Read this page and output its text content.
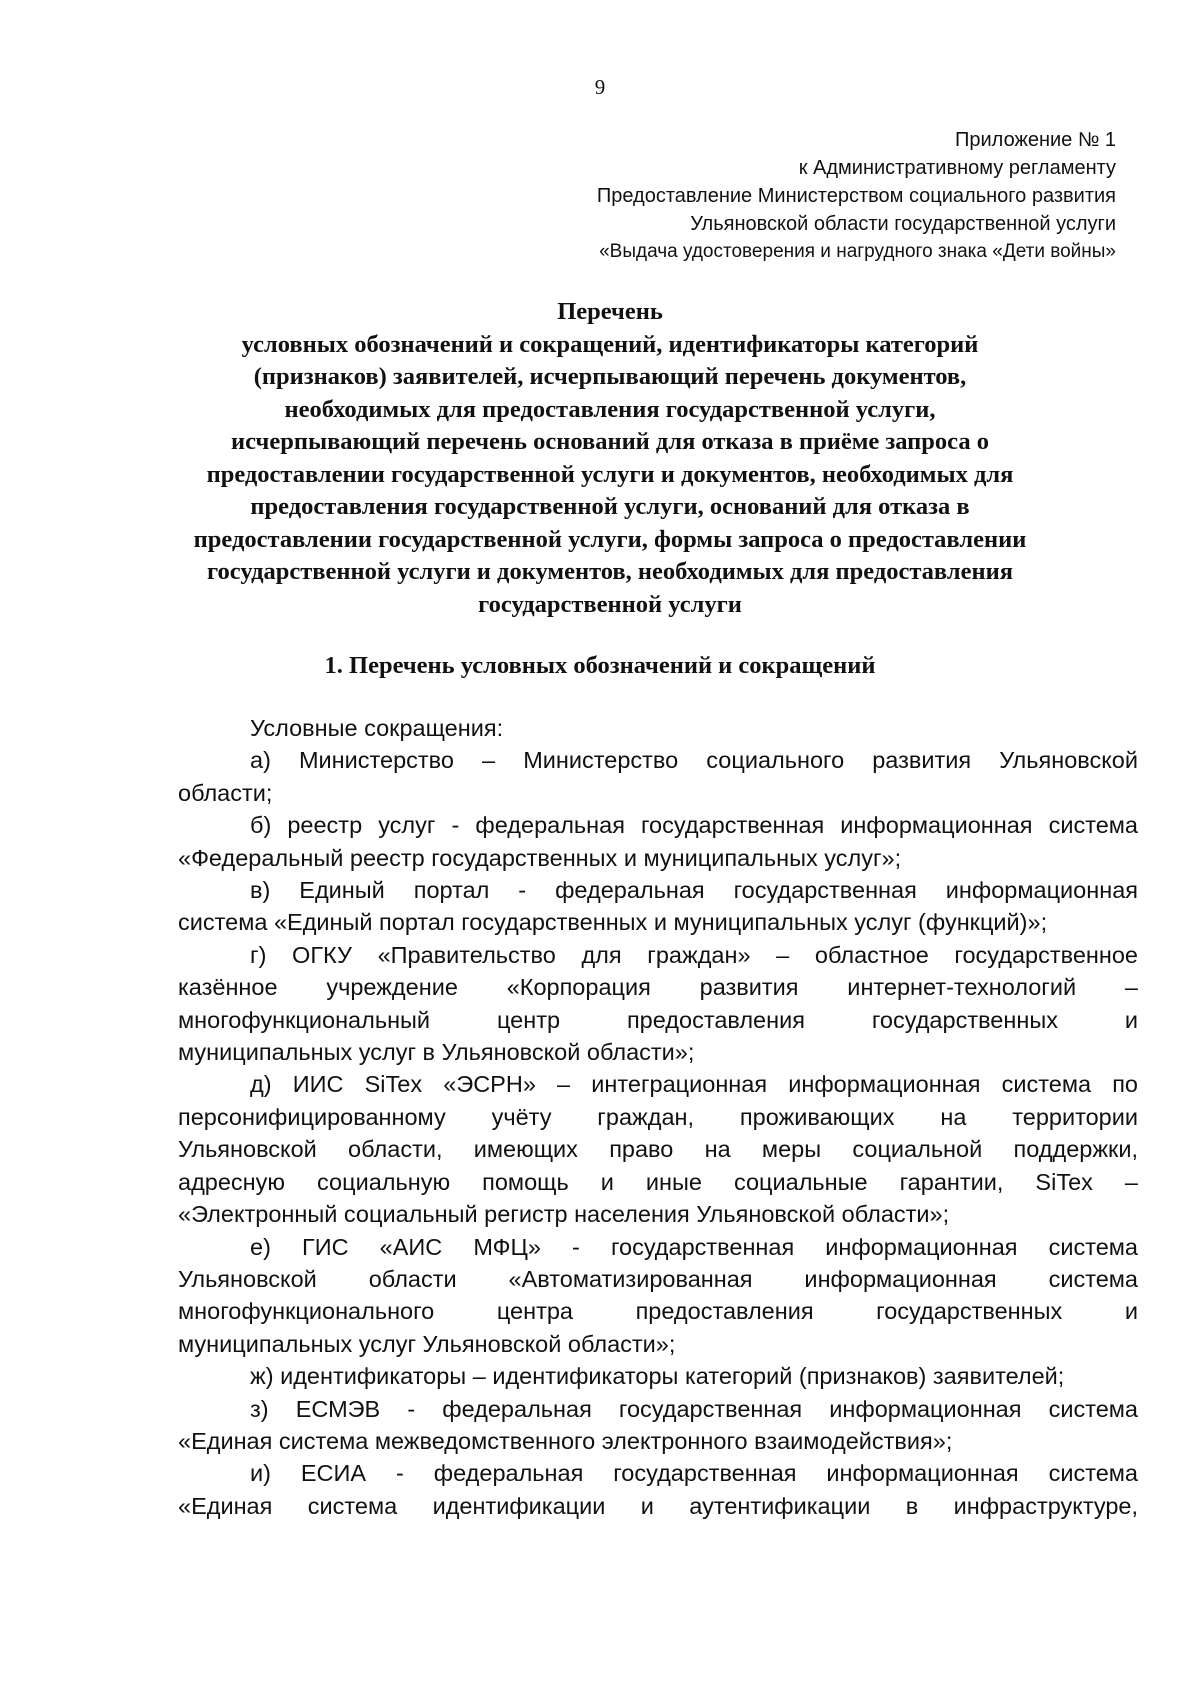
9
Приложение № 1
к Административному регламенту
Предоставление Министерством социального развития
Ульяновской области государственной услуги
«Выдача удостоверения и нагрудного знака «Дети войны»
Перечень
условных обозначений и сокращений, идентификаторы категорий
(признаков) заявителей, исчерпывающий перечень документов,
необходимых для предоставления государственной услуги,
исчерпывающий перечень оснований для отказа в приёме запроса о
предоставлении государственной услуги и документов, необходимых для
предоставления государственной услуги, оснований для отказа в
предоставлении государственной услуги, формы запроса о предоставлении
государственной услуги и документов, необходимых для предоставления
государственной услуги
1. Перечень условных обозначений и сокращений
Условные сокращения:
а) Министерство – Министерство социального развития Ульяновской
области;
б) реестр услуг - федеральная государственная информационная система
«Федеральный реестр государственных и муниципальных услуг»;
в) Единый портал - федеральная государственная информационная
система «Единый портал государственных и муниципальных услуг (функций)»;
г) ОГКУ «Правительство для граждан» – областное государственное
казённое учреждение «Корпорация развития интернет-технологий –
многофункциональный центр предоставления государственных и
муниципальных услуг в Ульяновской области»;
д) ИИС SiTex «ЭСРН» – интеграционная информационная система по
персонифицированному учёту граждан, проживающих на территории
Ульяновской области, имеющих право на меры социальной поддержки,
адресную социальную помощь и иные социальные гарантии, SiTex –
«Электронный социальный регистр населения Ульяновской области»;
е) ГИС «АИС МФЦ» - государственная информационная система
Ульяновской области «Автоматизированная информационная система
многофункционального центра предоставления государственных и
муниципальных услуг Ульяновской области»;
ж) идентификаторы – идентификаторы категорий (признаков) заявителей;
з) ЕСМЭВ - федеральная государственная информационная система
«Единая система межведомственного электронного взаимодействия»;
и) ЕСИА - федеральная государственная информационная система
«Единая система идентификации и аутентификации в инфраструктуре,
